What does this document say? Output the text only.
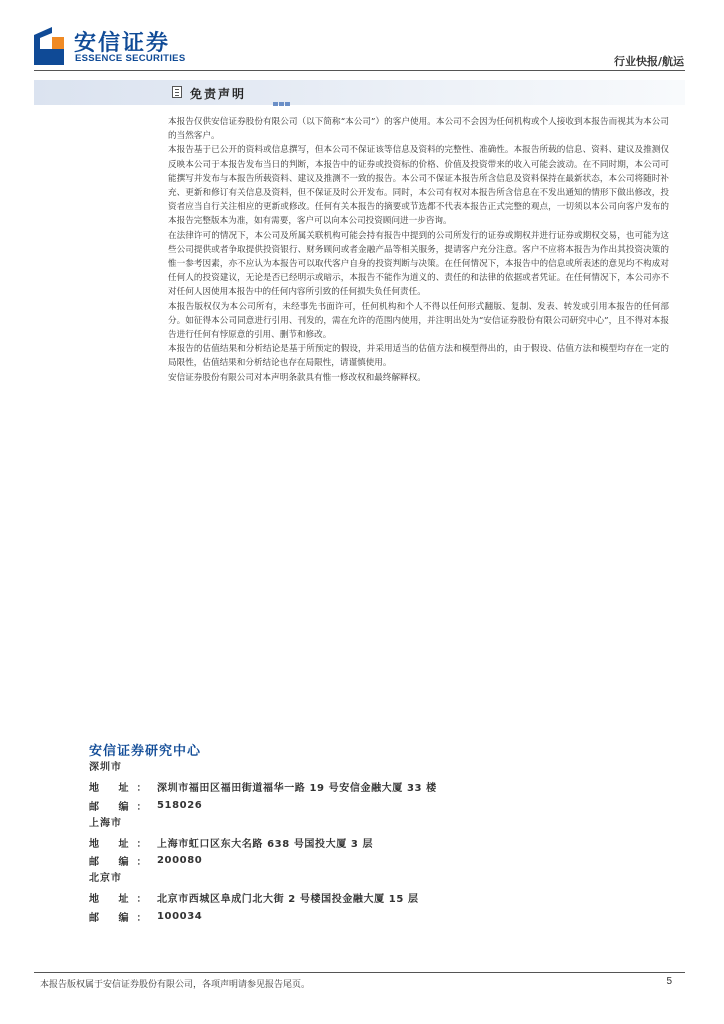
安信证券
ESSENCE SECURITIES	行业快报/航运
免责声明

本报告仅供安信证券股份有限公司（以下简称“本公司”）的客户使用。本公司不会因为任何机构或个人接收到本报告而视其为本公司的当然客户。

本报告基于已公开的资料或信息撰写，但本公司不保证该等信息及资料的完整性、准确性。本报告所载的信息、资料、建议及推测仅反映本公司于本报告发布当日的判断，本报告中的证券或投资标的价格、价值及投资带来的收入可能会波动。在不同时期，本公司可能撰写并发布与本报告所载资料、建议及推测不一致的报告。本公司不保证本报告所含信息及资料保持在最新状态，本公司将随时补充、更新和修订有关信息及资料，但不保证及时公开发布。同时，本公司有权对本报告所含信息在不发出通知的情形下做出修改，投资者应当自行关注相应的更新或修改。任何有关本报告的摘要或节选都不代表本报告正式完整的观点，一切须以本公司向客户发布的本报告完整版本为准，如有需要，客户可以向本公司投资顾问进一步咨询。

在法律许可的情况下，本公司及所属关联机构可能会持有报告中提到的公司所发行的证券或期权并进行证券或期权交易，也可能为这些公司提供或者争取提供投资银行、财务顾问或者金融产品等相关服务，提请客户充分注意。客户不应将本报告为作出其投资决策的惟一参考因素，亦不应认为本报告可以取代客户自身的投资判断与决策。在任何情况下，本报告中的信息或所表述的意见均不构成对任何人的投资建议，无论是否已经明示或暗示，本报告不能作为道义的、责任的和法律的依据或者凭证。在任何情况下，本公司亦不对任何人因使用本报告中的任何内容所引致的任何损失负任何责任。

本报告版权仅为本公司所有，未经事先书面许可，任何机构和个人不得以任何形式翻版、复制、发表、转发或引用本报告的任何部分。如征得本公司同意进行引用、刊发的，需在允许的范围内使用，并注明出处为“安信证券股份有限公司研究中心”，且不得对本报告进行任何有悖原意的引用、删节和修改。

本报告的估值结果和分析结论是基于所预定的假设，并采用适当的估值方法和模型得出的，由于假设、估值方法和模型均存在一定的局限性，估值结果和分析结论也存在局限性，请谨慎使用。

安信证券股份有限公司对本声明条款具有惟一修改权和最终解释权。

安信证券研究中心
深圳市
地 址： 深圳市福田区福田街道福华一路 19 号安信金融大厦 33 楼
邮 编： 518026
上海市
地 址： 上海市虹口区东大名路 638 号国投大厦 3 层
邮 编： 200080
北京市
地 址： 北京市西城区阜成门北大街 2 号楼国投金融大厦 15 层
邮 编： 100034
本报告版权属于安信证券股份有限公司，各项声明请参见报告尾页。	5
